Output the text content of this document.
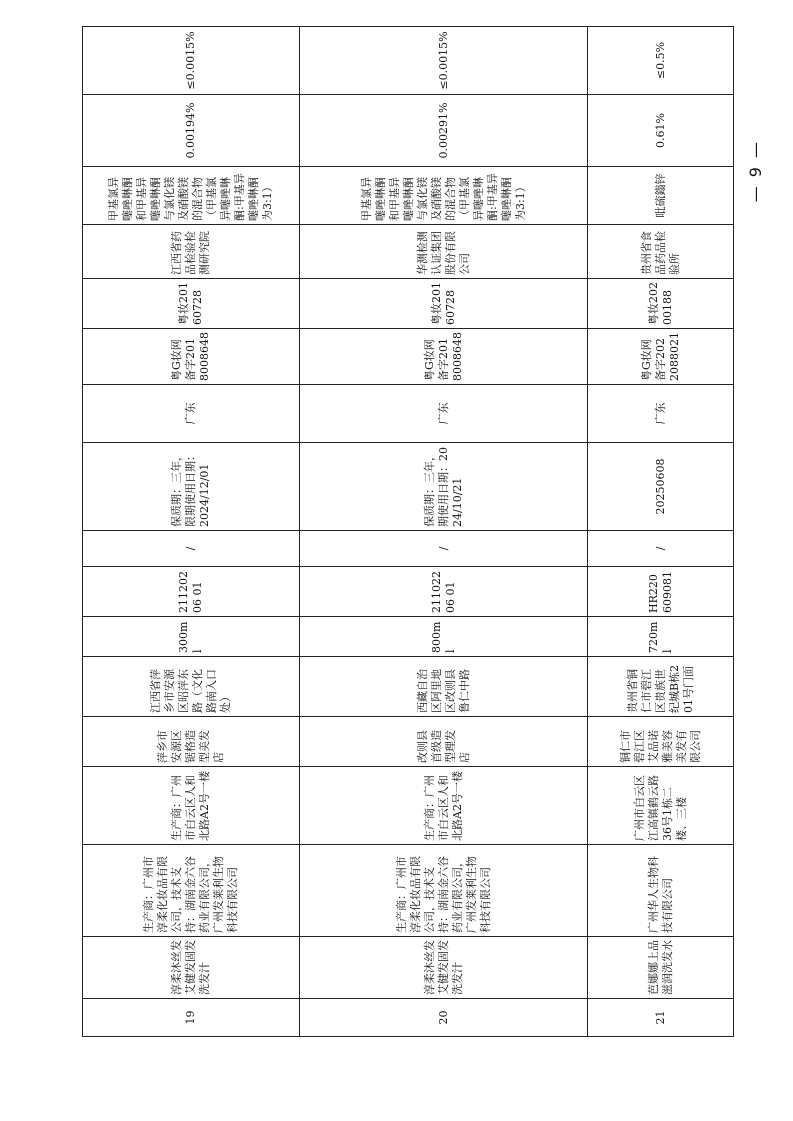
19	淳柔沐丝发艾健发固发洗发汁	生产商：广州市淳柔化妆品有限公司，技术支持：湖南金六谷药业有限公司，广州发莱利生物科技有限公司	生产商：广州市白云区人和北路A2号一楼	萍乡市安源区锯格造型美发店	江西省萍乡市安源区昭萍东路（文化路南入口处）	300ml	21120206 01	/	保质期：三年，限期使用日期：2024/12/01	广东	粤G妆网备字2018008648	粤妆20160728	江西省药品检验检测研究院	甲基氯异噻唑啉酮和甲基异噻唑啉酮与氯化镁及硝酸镁的混合物（甲基氯异噻唑啉酮:甲基异噻唑啉酮为3:1）	0.00194%	≤0.0015%
20	淳柔沐丝发艾健发固发洗发汁	生产商：广州市淳柔化妆品有限公司，技术支持：湖南金六谷药业有限公司，广州发莱利生物科技有限公司	生产商：广州市白云区人和北路A2号一楼	改则县首级造型理发店	西藏自治区阿里地区改则县鲁仁中路	800ml	21102206 01	/	保质期：三年，期使用日期：2024/10/21	广东	粤G妆网备字2018008648	粤妆20160728	华测检测认证集团股份有限公司	甲基氯异噻唑啉酮和甲基异噻唑啉酮与氯化镁及硝酸镁的混合物（甲基氯异噻唑啉酮:甲基异噻唑啉酮为3:1）	0.00291%	≤0.0015%
21	芭娜娜上品滋润洗发水	广州华人生物科技有限公司	广州市白云区江高镇鹤云路36号1栋二楼、三楼	铜仁市碧江区艾品诺雅美容美发有限公司	贵州省铜仁市碧江区贵族世纪城B栋201号门面	720ml	HR220609081	/	20250608	广东	粤G妆网备字2022088021	粤妆20200188	贵州省食品药品检验所	吡硫鎓锌	0.61%	≤0.5%
— 9 —
